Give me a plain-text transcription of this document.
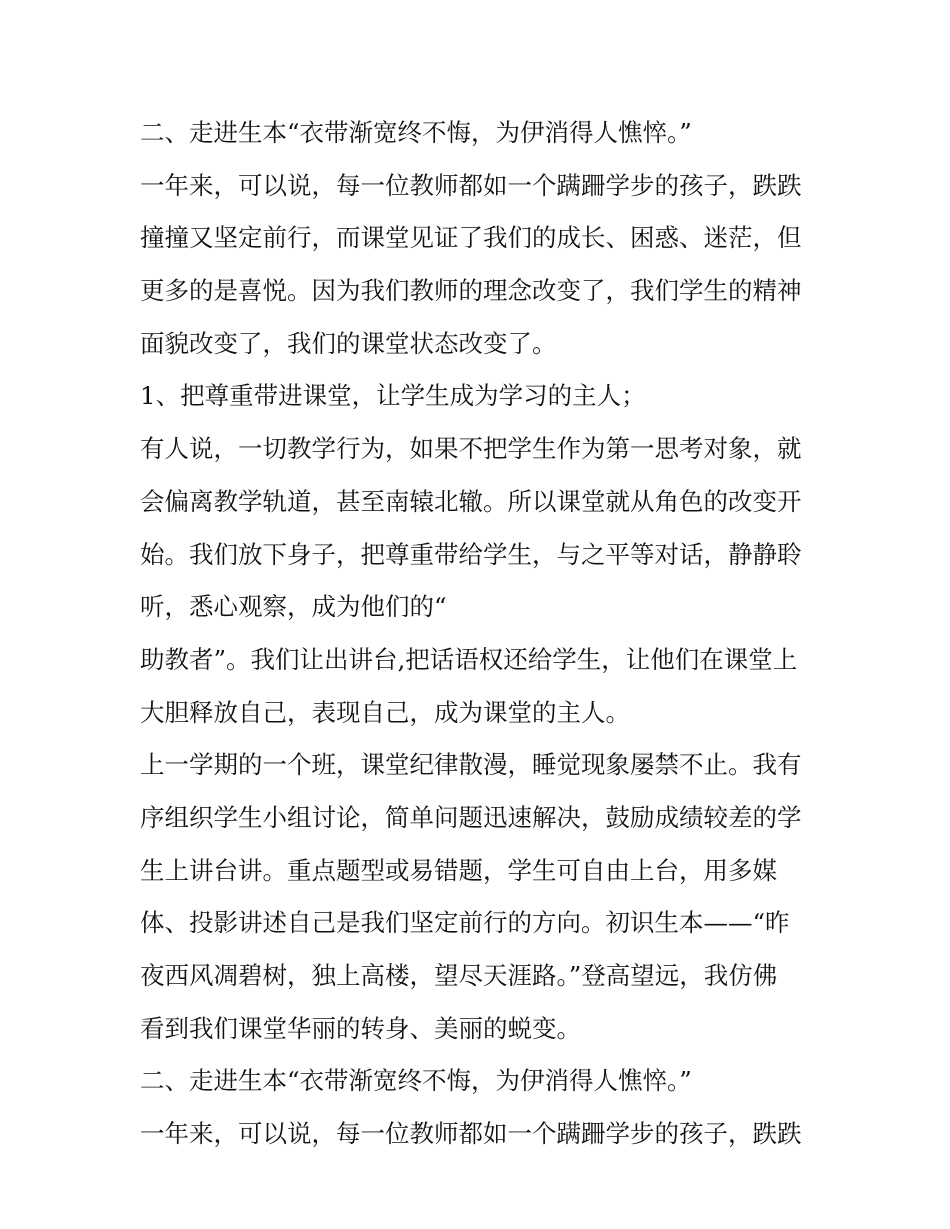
二、走进生本“衣带渐宽终不悔，为伊消得人憔悴。”
一年来，可以说，每一位教师都如一个蹒跚学步的孩子，跌跌
撞撞又坚定前行，而课堂见证了我们的成长、困惑、迷茫，但
更多的是喜悦。因为我们教师的理念改变了，我们学生的精神
面貌改变了，我们的课堂状态改变了。
1、把尊重带进课堂，让学生成为学习的主人；
有人说，一切教学行为，如果不把学生作为第一思考对象，就
会偏离教学轨道，甚至南辕北辙。所以课堂就从角色的改变开
始。我们放下身子，把尊重带给学生，与之平等对话，静静聆
听，悉心观察，成为他们的“
助教者”。我们让出讲台,把话语权还给学生，让他们在课堂上
大胆释放自己，表现自己，成为课堂的主人。
上一学期的一个班，课堂纪律散漫，睡觉现象屡禁不止。我有
序组织学生小组讨论，简单问题迅速解决，鼓励成绩较差的学
生上讲台讲。重点题型或易错题，学生可自由上台，用多媒
体、投影讲述自己是我们坚定前行的方向。初识生本——“昨
夜西风凋碧树，独上高楼，望尽天涯路。”登高望远，我仿佛
看到我们课堂华丽的转身、美丽的蜕变。
二、走进生本“衣带渐宽终不悔，为伊消得人憔悴。”
一年来，可以说，每一位教师都如一个蹒跚学步的孩子，跌跌
